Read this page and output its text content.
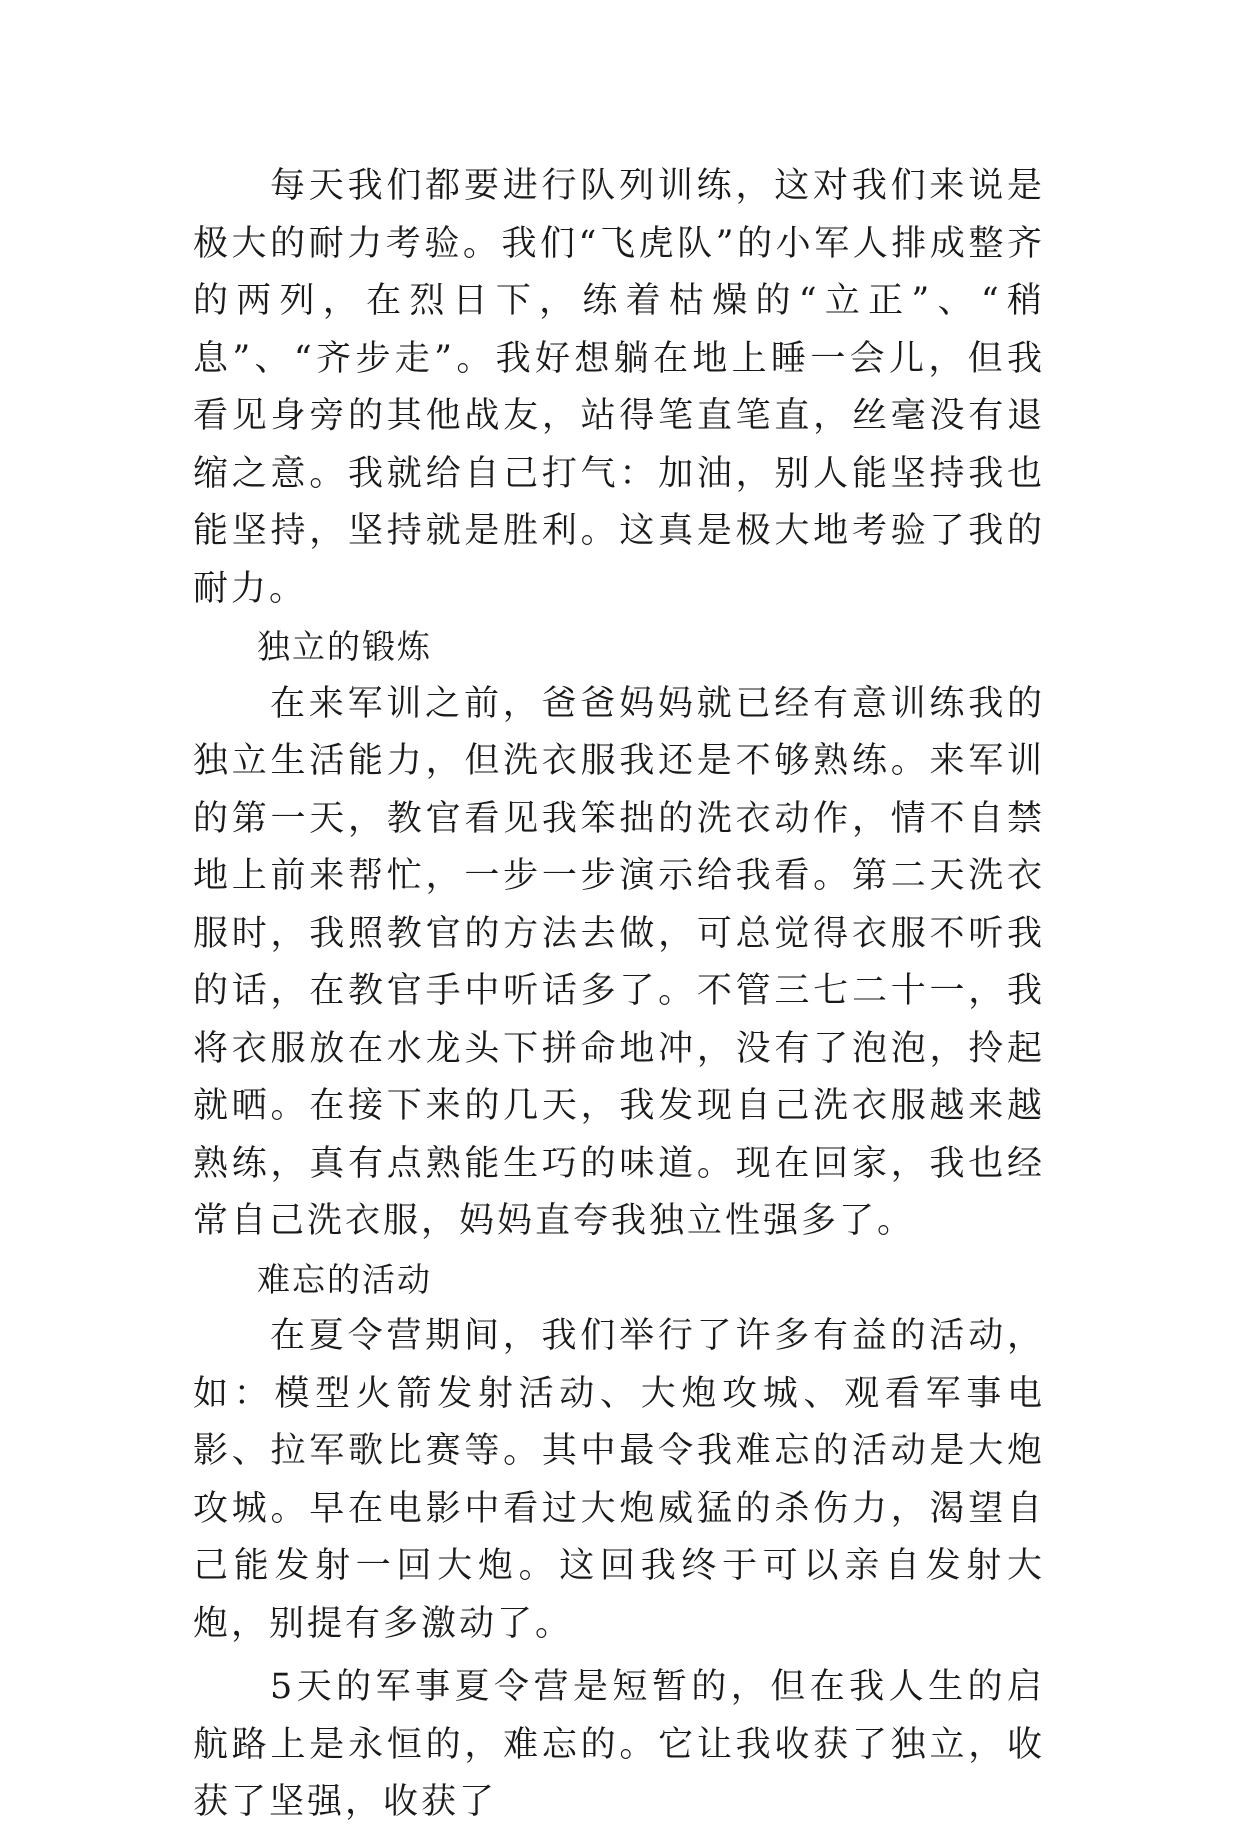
每天我们都要进行队列训练，这对我们来说是极大的耐力考验。我们“飞虎队”的小军人排成整齐的两列，在烈日下，练着枯燥的“立正”、“稍息”、“齐步走”。我好想躺在地上睡一会儿，但我看见身旁的其他战友，站得笔直笔直，丝毫没有退缩之意。我就给自己打气：加油，别人能坚持我也能坚持，坚持就是胜利。这真是极大地考验了我的耐力。

独立的锻炼

在来军训之前，爸爸妈妈就已经有意训练我的独立生活能力，但洗衣服我还是不够熟练。来军训的第一天，教官看见我笨拙的洗衣动作，情不自禁地上前来帮忙，一步一步演示给我看。第二天洗衣服时，我照教官的方法去做，可总觉得衣服不听我的话，在教官手中听话多了。不管三七二十一，我将衣服放在水龙头下拼命地冲，没有了泡泡，拎起就晒。在接下来的几天，我发现自己洗衣服越来越熟练，真有点熟能生巧的味道。现在回家，我也经常自己洗衣服，妈妈直夸我独立性强多了。

难忘的活动

在夏令营期间，我们举行了许多有益的活动，如：模型火箭发射活动、大炮攻城、观看军事电影、拉军歌比赛等。其中最令我难忘的活动是大炮攻城。早在电影中看过大炮威猛的杀伤力，渴望自己能发射一回大炮。这回我终于可以亲自发射大炮，别提有多激动了。

5天的军事夏令营是短暂的，但在我人生的启航路上是永恒的，难忘的。它让我收获了独立，收获了坚强，收获了
